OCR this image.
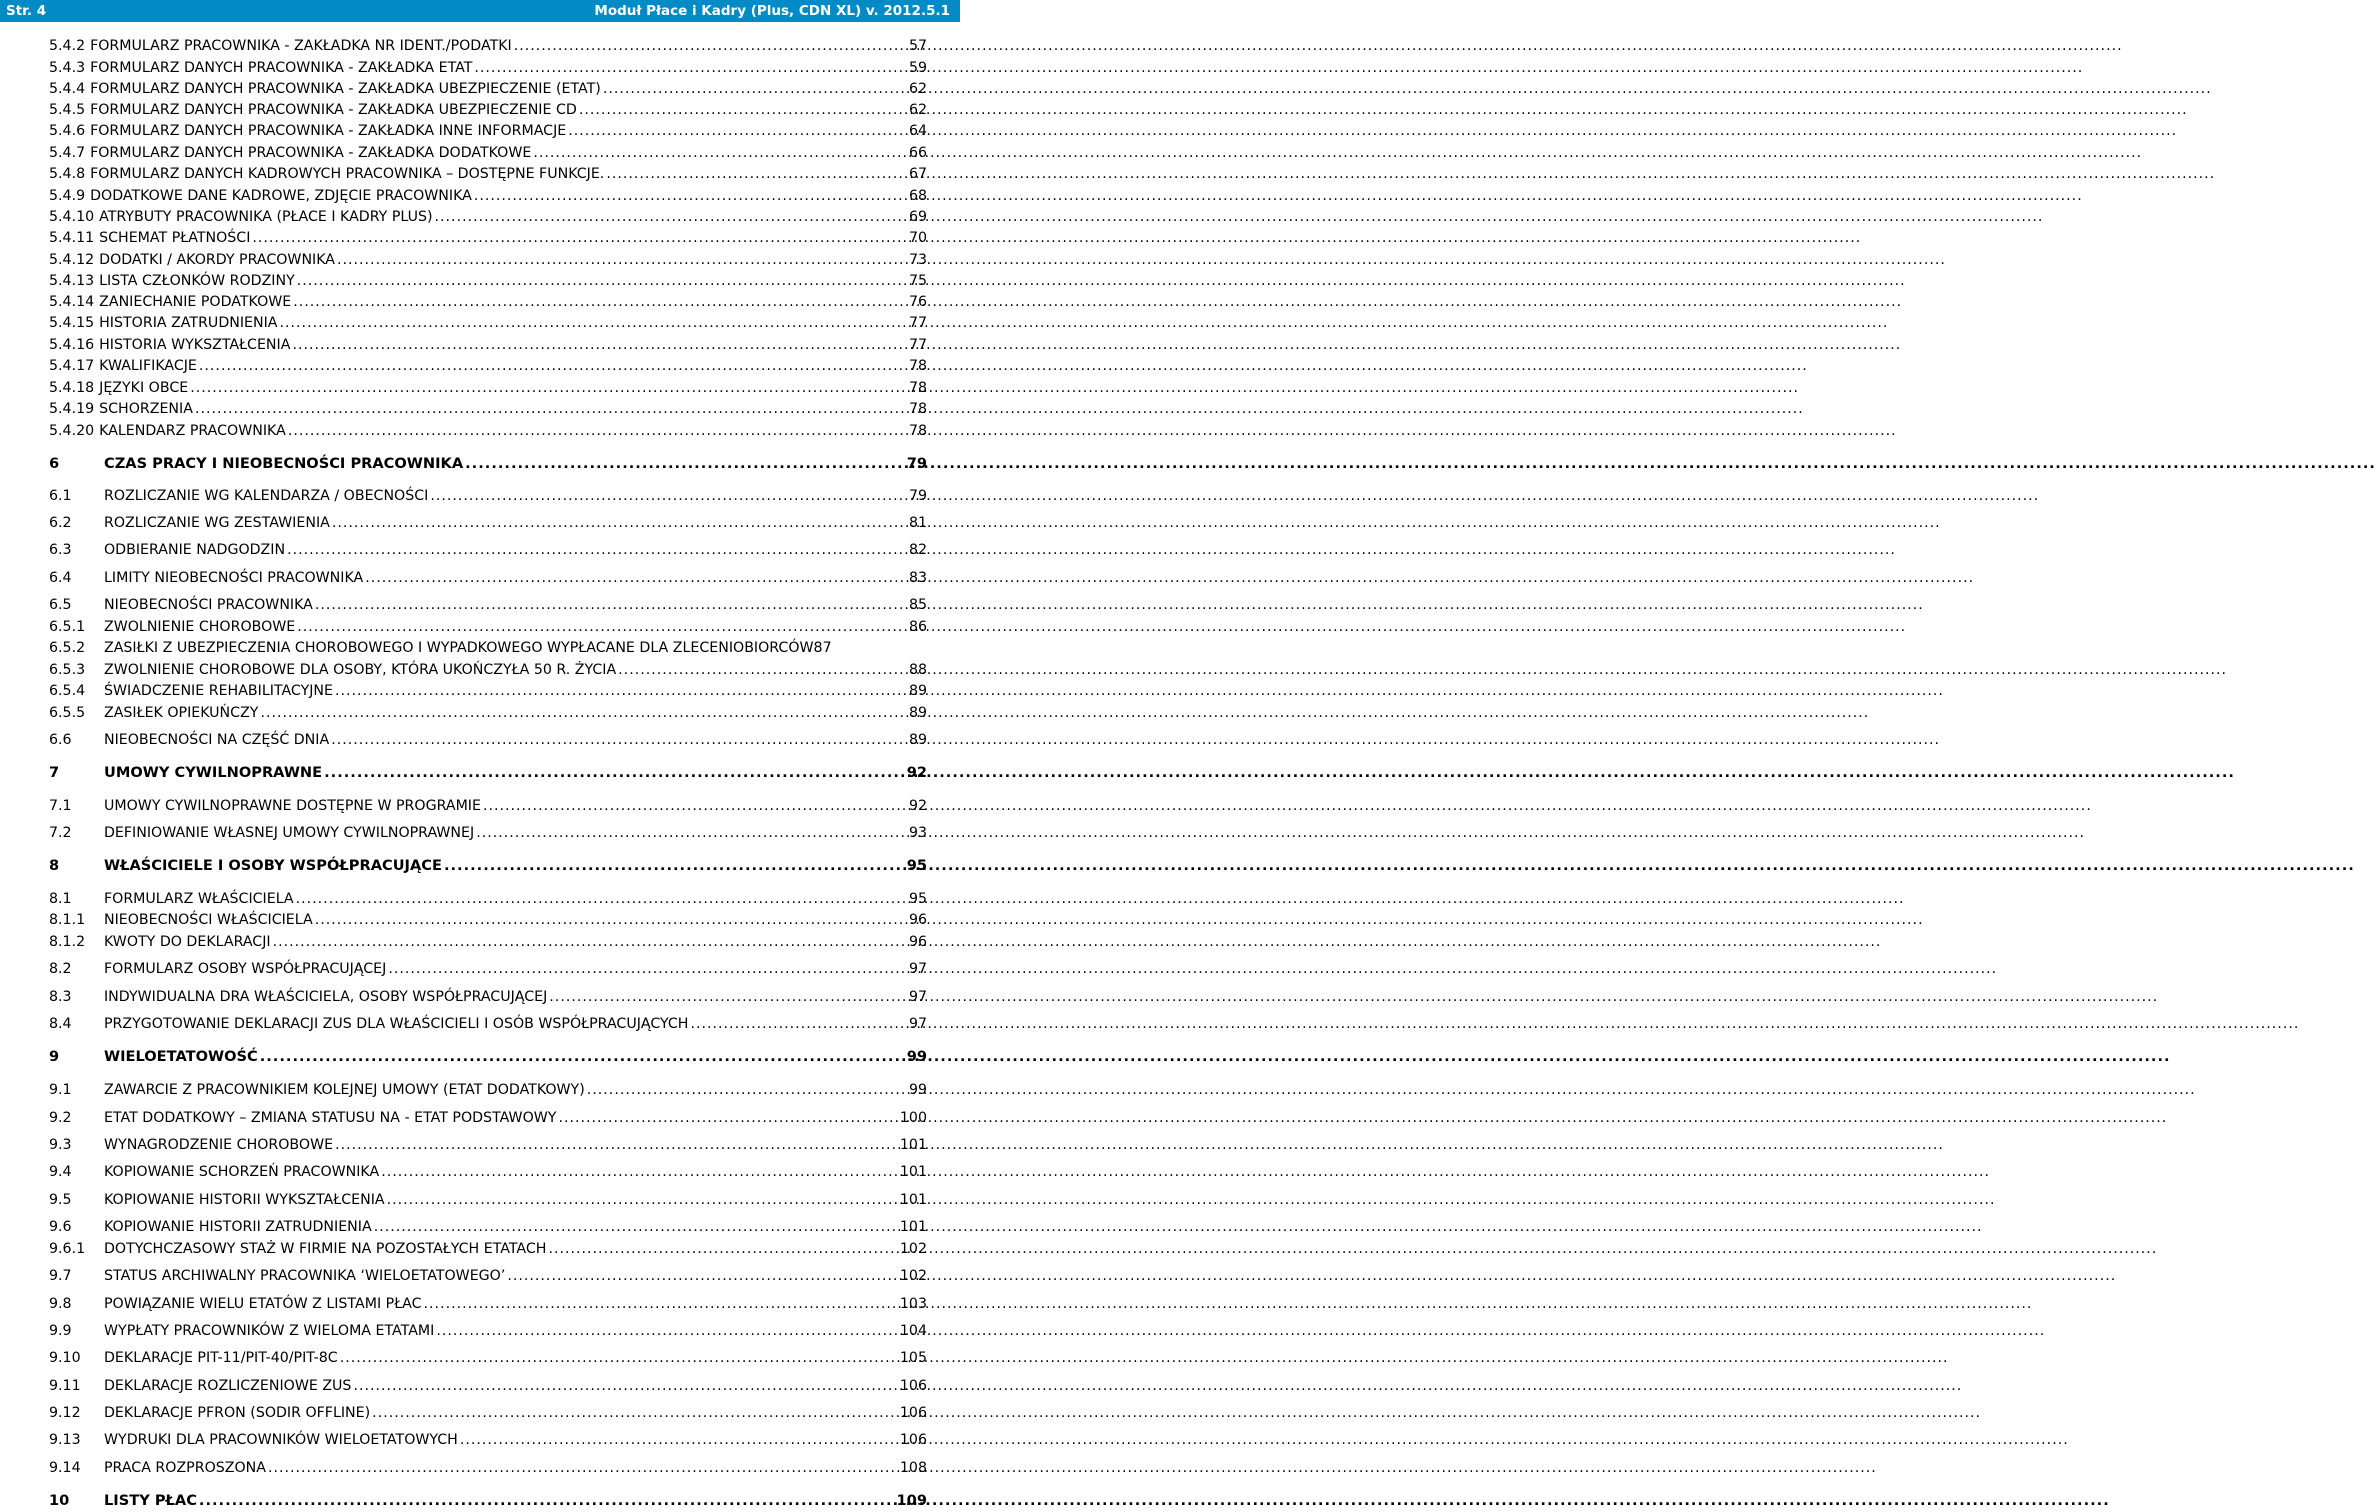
Str. 4	Moduł Płace i Kadry (Plus, CDN XL) v. 2012.5.1
5.4.2 FORMULARZ PRACOWNIKA - ZAKŁADKA NR IDENT./PODATKI .....	57
5.4.3 FORMULARZ DANYCH PRACOWNIKA - ZAKŁADKA ETAT .....	59
5.4.4 FORMULARZ DANYCH PRACOWNIKA - ZAKŁADKA UBEZPIECZENIE (ETAT) .....	62
5.4.5 FORMULARZ DANYCH PRACOWNIKA - ZAKŁADKA UBEZPIECZENIE CD .....	62
5.4.6 FORMULARZ DANYCH PRACOWNIKA - ZAKŁADKA INNE INFORMACJE .....	64
5.4.7 FORMULARZ DANYCH PRACOWNIKA - ZAKŁADKA DODATKOWE .....	66
5.4.8 FORMULARZ DANYCH KADROWYCH PRACOWNIKA – DOSTĘPNE FUNKCJE. .....	67
5.4.9 DODATKOWE DANE KADROWE, ZDJĘCIE PRACOWNIKA .....	68
5.4.10 ATRYBUTY PRACOWNIKA (PŁACE I KADRY PLUS) .....	69
5.4.11 SCHEMAT PŁATNOŚCI .....	70
5.4.12 DODATKI / AKORDY PRACOWNIKA .....	73
5.4.13 LISTA CZŁONKÓW RODZINY .....	75
5.4.14 ZANIECHANIE PODATKOWE .....	76
5.4.15 HISTORIA ZATRUDNIENIA .....	77
5.4.16 HISTORIA WYKSZTAŁCENIA .....	77
5.4.17 KWALIFIKACJE .....	78
5.4.18 JĘZYKI OBCE .....	78
5.4.19 SCHORZENIA .....	78
5.4.20 KALENDARZ PRACOWNIKA .....	78
6	CZAS PRACY I NIEOBECNOŚCI PRACOWNIKA .....	79
6.1	ROZLICZANIE WG KALENDARZA / OBECNOŚCI .....	79
6.2	ROZLICZANIE WG ZESTAWIENIA .....	81
6.3	ODBIERANIE NADGODZIN .....	82
6.4	LIMITY NIEOBECNOŚCI PRACOWNIKA .....	83
6.5	NIEOBECNOŚCI PRACOWNIKA .....	85
6.5.1	ZWOLNIENIE CHOROBOWE .....	86
6.5.2	ZASIŁKI Z UBEZPIECZENIA CHOROBOWEGO I WYPADKOWEGO WYPŁACANE DLA ZLECENIOBIORCÓW 87
6.5.3	ZWOLNIENIE CHOROBOWE DLA OSOBY, KTÓRA UKOŃCZYŁA 50 R. ŻYCIA .....	88
6.5.4	ŚWIADCZENIE REHABILITACYJNE .....	89
6.5.5	ZASIŁEK OPIEKUŃCZY .....	89
6.6	NIEOBECNOŚCI NA CZĘŚĆ DNIA .....	89
7	UMOWY CYWILNOPRAWNE .....	92
7.1	UMOWY CYWILNOPRAWNE DOSTĘPNE W PROGRAMIE .....	92
7.2	DEFINIOWANIE WŁASNEJ UMOWY CYWILNOPRAWNEJ .....	93
8	WŁAŚCICIELE I OSOBY WSPÓŁPRACUJĄCE .....	95
8.1	FORMULARZ WŁAŚCICIELA .....	95
8.1.1	NIEOBECNOŚCI WŁAŚCICIELA .....	96
8.1.2	KWOTY DO DEKLARACJI .....	96
8.2	FORMULARZ OSOBY WSPÓŁPRACUJĄCEJ .....	97
8.3	INDYWIDUALNA DRA WŁAŚCICIELA, OSOBY WSPÓŁPRACUJĄCEJ .....	97
8.4	PRZYGOTOWANIE DEKLARACJI ZUS DLA WŁAŚCICIELI I OSÓB WSPÓŁPRACUJĄCYCH .....	97
9	WIELOETATOWOŚĆ .....	99
9.1	ZAWARCIE Z PRACOWNIKIEM KOLEJNEJ UMOWY (ETAT DODATKOWY) .....	99
9.2	ETAT DODATKOWY – ZMIANA STATUSU NA - ETAT PODSTAWOWY .....	100
9.3	WYNAGRODZENIE CHOROBOWE .....	101
9.4	KOPIOWANIE SCHORZEŃ PRACOWNIKA .....	101
9.5	KOPIOWANIE HISTORII WYKSZTAŁCENIA .....	101
9.6	KOPIOWANIE HISTORII ZATRUDNIENIA .....	101
9.6.1	DOTYCHCZASOWY STAŻ W FIRMIE NA POZOSTAŁYCH ETATACH .....	102
9.7	STATUS ARCHIWALNY PRACOWNIKA ‘WIELOETATOWEGO’ .....	102
9.8	POWIĄZANIE WIELU ETATÓW Z LISTAMI PŁAC .....	103
9.9	WYPŁATY PRACOWNIKÓW Z WIELOMA ETATAMI .....	104
9.10	DEKLARACJE PIT-11/PIT-40/PIT-8C .....	105
9.11	DEKLARACJE ROZLICZENIOWE ZUS .....	106
9.12	DEKLARACJE PFRON (SODIR OFFLINE) .....	106
9.13	WYDRUKI DLA PRACOWNIKÓW WIELOETATOWYCH .....	106
9.14	PRACA ROZPROSZONA .....	108
10	LISTY PŁAC .....	109
